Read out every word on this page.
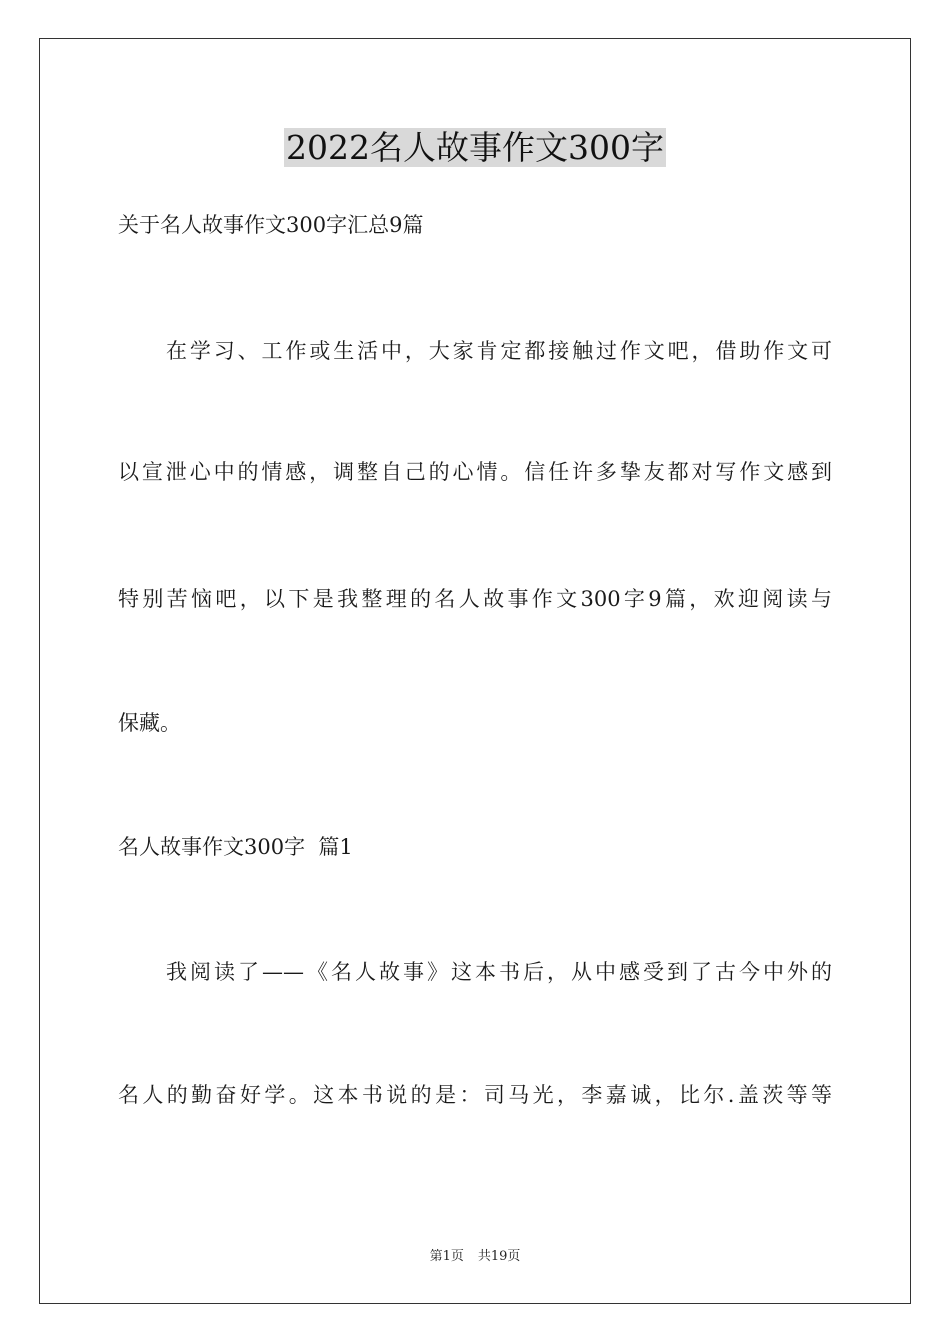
2022名人故事作文300字
关于名人故事作文300字汇总9篇
在学习、工作或生活中，大家肯定都接触过作文吧，借助作文可
以宣泄心中的情感，调整自己的心情。信任许多挚友都对写作文感到
特别苦恼吧，以下是我整理的名人故事作文300字9篇，欢迎阅读与
保藏。
名人故事作文300字  篇1
我阅读了——《名人故事》这本书后，从中感受到了古今中外的
名人的勤奋好学。这本书说的是：司马光，李嘉诚，比尔.盖茨等等
第1页 共19页
